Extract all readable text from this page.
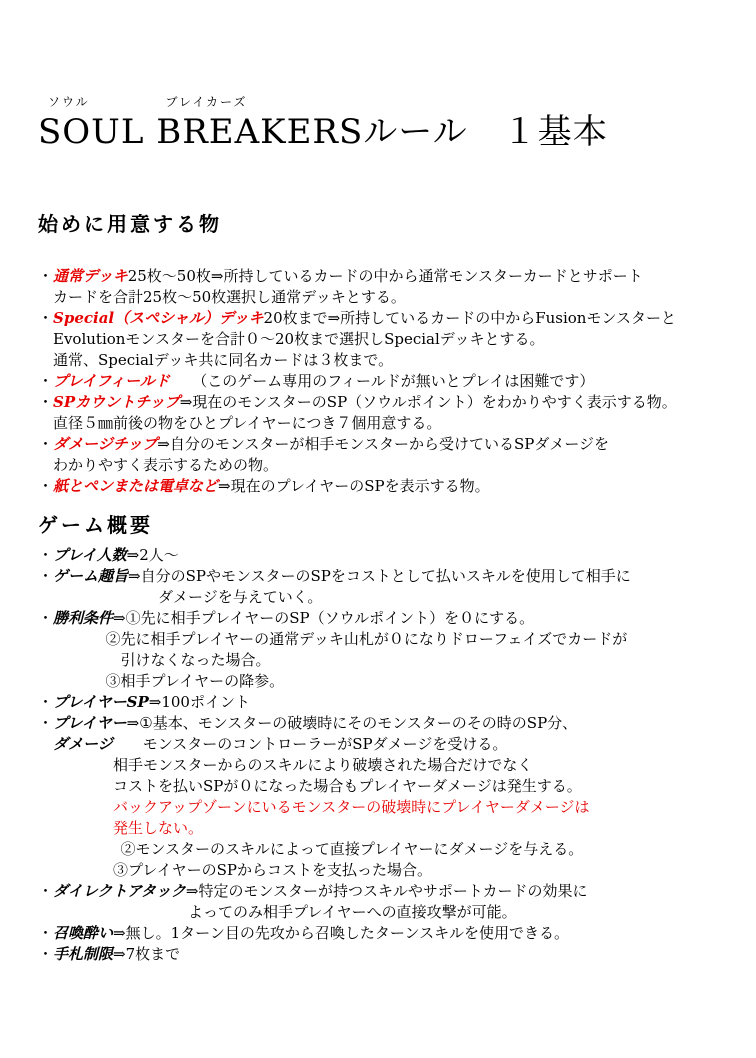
ソウル	ブレイカーズ
SOUL BREAKERSルール　１基本
始めに用意する物
・通常デッキ25枚～50枚⇒所持しているカードの中から通常モンスターカードとサポート
カードを合計25枚～50枚選択し通常デッキとする。
・Special（スペシャル）デッキ20枚まで⇒所持しているカードの中からFusionモンスターと
Evolutionモンスターを合計０～20枚まで選択しSpecialデッキとする。
通常、Specialデッキ共に同名カードは３枚まで。
・プレイフィールド　　（このゲーム専用のフィールドが無いとプレイは困難です）
・SPカウントチップ⇒現在のモンスターのSP（ソウルポイント）をわかりやすく表示する物。
直径５㎜前後の物をひとプレイヤーにつき７個用意する。
・ダメージチップ⇒自分のモンスターが相手モンスターから受けているSPダメージを
わかりやすく表示するための物。
・紙とペンまたは電卓など⇒現在のプレイヤーのSPを表示する物。
ゲーム概要
・プレイ人数⇒2人～
・ゲーム趣旨⇒自分のSPやモンスターのSPをコストとして払いスキルを使用して相手に
ダメージを与えていく。
・勝利条件⇒①先に相手プレイヤーのSP（ソウルポイント）を０にする。
②先に相手プレイヤーの通常デッキ山札が０になりドローフェイズでカードが
引けなくなった場合。
③相手プレイヤーの降参。
・プレイヤーSP⇒100ポイント
・プレイヤー⇒①基本、モンスターの破壊時にそのモンスターのその時のSP分、
ダメージ　　モンスターのコントローラーがSPダメージを受ける。
相手モンスターからのスキルにより破壊された場合だけでなく
コストを払いSPが０になった場合もプレイヤーダメージは発生する。
バックアップゾーンにいるモンスターの破壊時にプレイヤーダメージは
発生しない。
②モンスターのスキルによって直接プレイヤーにダメージを与える。
③プレイヤーのSPからコストを支払った場合。
・ダイレクトアタック⇒特定のモンスターが持つスキルやサポートカードの効果に
よってのみ相手プレイヤーへの直接攻撃が可能。
・召喚酔い⇒無し。1ターン目の先攻から召喚したターンスキルを使用できる。
・手札制限⇒7枚まで
